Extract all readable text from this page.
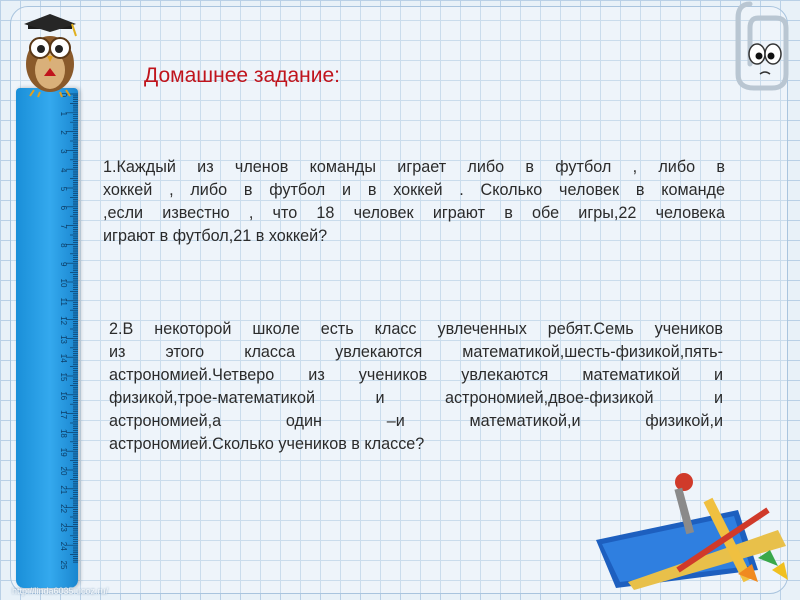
0
1
2
3
4
5
6
7
8
9
10
11
12
13
14
15
16
17
18
19
20
21
22
23
24
25
Домашнее задание:
1.Каждый из членов команды играет либо в футбол , либо в
хоккей , либо в футбол и в хоккей . Сколько человек в команде
,если известно , что 18 человек играют в обе игры,22 человека
играют в футбол,21 в хоккей?
2.В некоторой школе есть класс увлеченных ребят.Семь учеников
из этого класса увлекаются математикой,шесть-физикой,пять-
астрономией.Четверо из учеников увлекаются математикой и
физикой,трое-математикой и астрономией,двое-физикой и
астрономией,а один –и математикой,и физикой,и
астрономией.Сколько учеников в классе?
http://linda6035.ucoz.ru/
